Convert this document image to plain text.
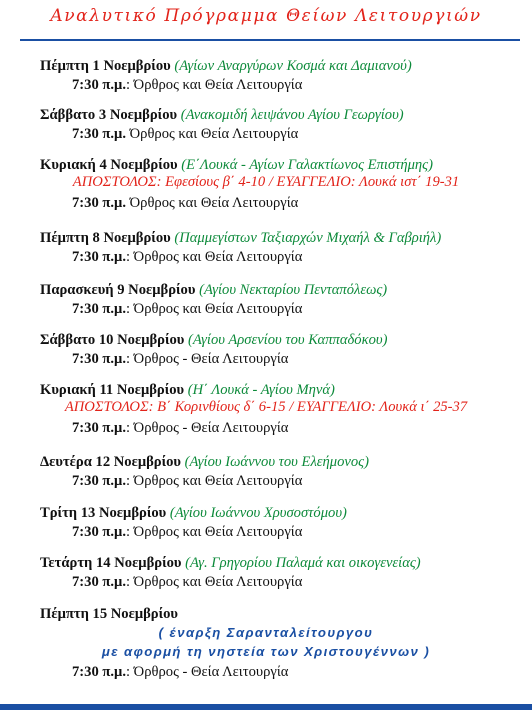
Αναλυτικό Πρόγραμμα Θείων Λειτουργιών
Πέμπτη 1 Νοεμβρίου (Αγίων Αναργύρων Κοσμά και Δαμιανού)
7:30 π.μ.: Όρθρος και Θεία Λειτουργία
Σάββατο 3 Νοεμβρίου (Ανακομιδή λειψάνου Αγίου Γεωργίου)
7:30 π.μ. Όρθρος και Θεία Λειτουργία
Κυριακή 4 Νοεμβρίου (Ε΄Λουκά - Αγίων Γαλακτίωνος Επιστήμης)
ΑΠΟΣΤΟΛΟΣ: Εφεσίους β΄ 4-10 / ΕΥΑΓΓΕΛΙΟ: Λουκά ιστ΄ 19-31
7:30 π.μ. Όρθρος και Θεία Λειτουργία
Πέμπτη 8 Νοεμβρίου (Παμμεγίστων Ταξιαρχών Μιχαήλ & Γαβριήλ)
7:30 π.μ.: Όρθρος και Θεία Λειτουργία
Παρασκευή 9 Νοεμβρίου (Αγίου Νεκταρίου Πενταπόλεως)
7:30 π.μ.: Όρθρος και Θεία Λειτουργία
Σάββατο 10 Νοεμβρίου (Αγίου Αρσενίου του Καππαδόκου)
7:30 π.μ.: Όρθρος - Θεία Λειτουργία
Κυριακή 11 Νοεμβρίου (Η΄ Λουκά - Αγίου Μηνά)
ΑΠΟΣΤΟΛΟΣ: Β΄ Κορινθίους δ΄ 6-15 / ΕΥΑΓΓΕΛΙΟ: Λουκά ι΄ 25-37
7:30 π.μ.: Όρθρος - Θεία Λειτουργία
Δευτέρα 12 Νοεμβρίου (Αγίου Ιωάννου του Ελεήμονος)
7:30 π.μ.: Όρθρος και Θεία Λειτουργία
Τρίτη 13 Νοεμβρίου (Αγίου Ιωάννου Χρυσοστόμου)
7:30 π.μ.: Όρθρος και Θεία Λειτουργία
Τετάρτη 14 Νοεμβρίου (Αγ. Γρηγορίου Παλαμά και οικογενείας)
7:30 π.μ.: Όρθρος και Θεία Λειτουργία
Πέμπτη 15 Νοεμβρίου
( έναρξη Σαρανταλείτουργου
με αφορμή τη νηστεία των Χριστουγέννων )
7:30 π.μ.: Όρθρος - Θεία Λειτουργία
